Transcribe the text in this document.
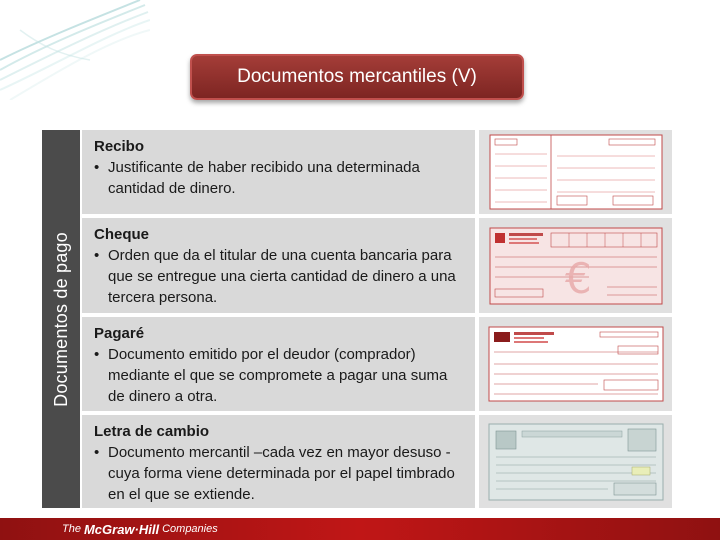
Documentos mercantiles (V)
Documentos de pago
Recibo
• Justificante de haber recibido una determinada cantidad de dinero.
Cheque
• Orden que da el titular de una cuenta bancaria para que se entregue una cierta cantidad de dinero a una tercera persona.	€
Pagaré
• Documento emitido por el deudor (comprador) mediante el que se compromete a pagar una suma de dinero a otra.
Letra de cambio
• Documento mercantil –cada vez en mayor desuso - cuya forma viene determinada por el papel timbrado en el que se extiende.
The McGraw·Hill Companies
